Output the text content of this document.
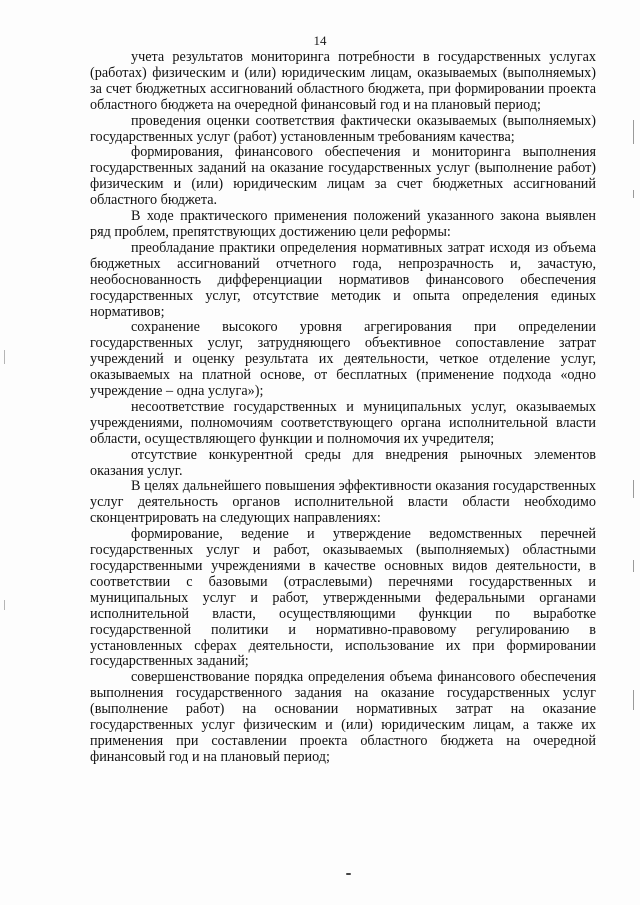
14

учета результатов мониторинга потребности в государственных услугах (работах) физическим и (или) юридическим лицам, оказываемых (выполняемых) за счет бюджетных ассигнований областного бюджета, при формировании проекта областного бюджета на очередной финансовый год и на плановый период;

проведения оценки соответствия фактически оказываемых (выполняемых) государственных услуг (работ) установленным требованиям качества;

формирования, финансового обеспечения и мониторинга выполнения государственных заданий на оказание государственных услуг (выполнение работ) физическим и (или) юридическим лицам за счет бюджетных ассигнований областного бюджета.

В ходе практического применения положений указанного закона выявлен ряд проблем, препятствующих достижению цели реформы:

преобладание практики определения нормативных затрат исходя из объема бюджетных ассигнований отчетного года, непрозрачность и, зачастую, необоснованность дифференциации нормативов финансового обеспечения государственных услуг, отсутствие методик и опыта определения единых нормативов;

сохранение высокого уровня агрегирования при определении государственных услуг, затрудняющего объективное сопоставление затрат учреждений и оценку результата их деятельности, четкое отделение услуг, оказываемых на платной основе, от бесплатных (применение подхода «одно учреждение – одна услуга»);

несоответствие государственных и муниципальных услуг, оказываемых учреждениями, полномочиям соответствующего органа исполнительной власти области, осуществляющего функции и полномочия их учредителя;

отсутствие конкурентной среды для внедрения рыночных элементов оказания услуг.

В целях дальнейшего повышения эффективности оказания государственных услуг деятельность органов исполнительной власти области необходимо сконцентрировать на следующих направлениях:

формирование, ведение и утверждение ведомственных перечней государственных услуг и работ, оказываемых (выполняемых) областными государственными учреждениями в качестве основных видов деятельности, в соответствии с базовыми (отраслевыми) перечнями государственных и муниципальных услуг и работ, утвержденными федеральными органами исполнительной власти, осуществляющими функции по выработке государственной политики и нормативно-правовому регулированию в установленных сферах деятельности, использование их при формировании государственных заданий;

совершенствование порядка определения объема финансового обеспечения выполнения государственного задания на оказание государственных услуг (выполнение работ) на основании нормативных затрат на оказание государственных услуг физическим и (или) юридическим лицам, а также их применения при составлении проекта областного бюджета на очередной финансовый год и на плановый период;
